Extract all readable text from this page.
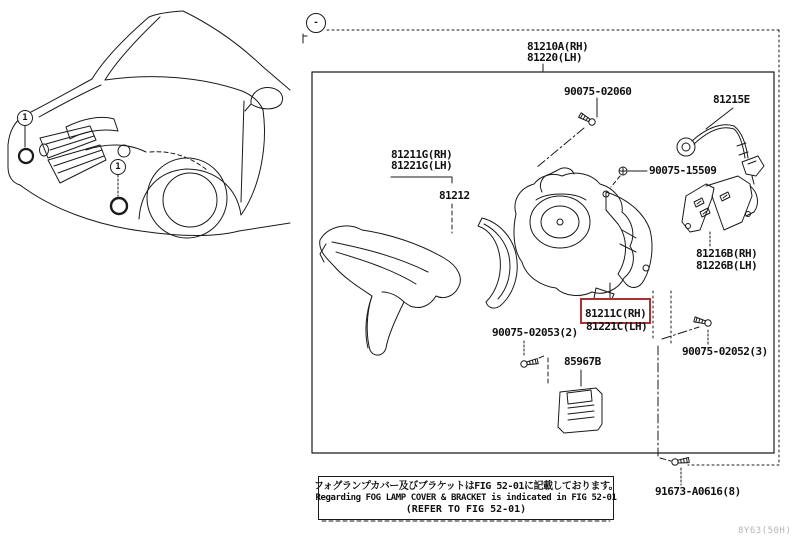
-
1
1
81210A(RH)
81220(LH)
90075-02060
81215E
81211G(RH)
81221G(LH)
81212
90075-15509
81216B(RH)
81226B(LH)
81211C(RH)
81221C(LH)
90075-02053(2)
85967B
90075-02052(3)
91673-A0616(8)
フォグランプカバー及びブラケットはFIG 52-01に記載しております。
Regarding FOG LAMP COVER & BRACKET is indicated in FIG 52-01
(REFER TO FIG 52-01)
8Y63(50H)
